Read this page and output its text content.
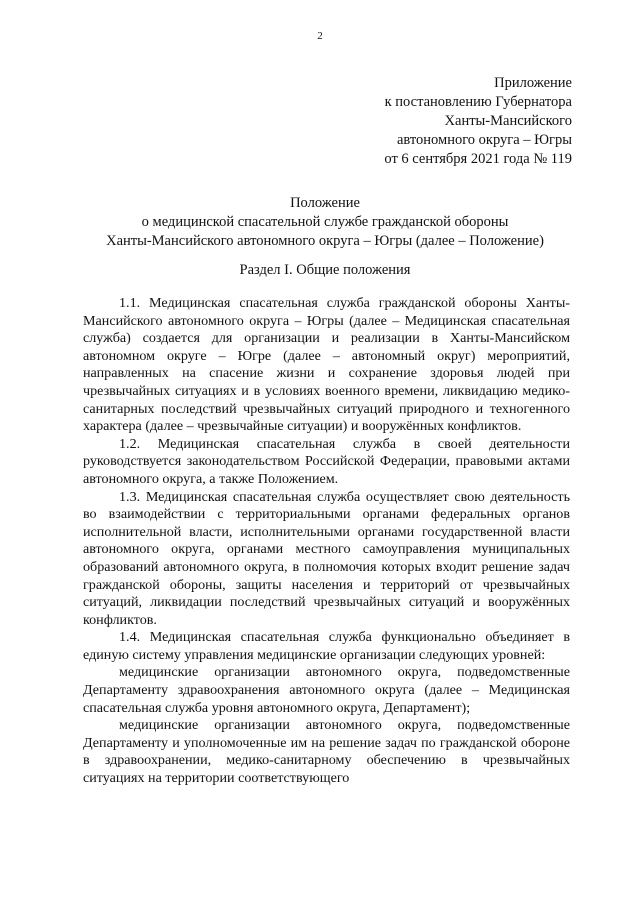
2
Приложение
к постановлению Губернатора
Ханты-Мансийского
автономного округа – Югры
от 6 сентября 2021 года № 119
Положение
о медицинской спасательной службе гражданской обороны
Ханты-Мансийского автономного округа – Югры (далее – Положение)
Раздел I. Общие положения

1.1. Медицинская спасательная служба гражданской обороны Ханты-Мансийского автономного округа – Югры (далее – Медицинская спасательная служба) создается для организации и реализации в Ханты-Мансийском автономном округе – Югре (далее – автономный округ) мероприятий, направленных на спасение жизни и сохранение здоровья людей при чрезвычайных ситуациях и в условиях военного времени, ликвидацию медико-санитарных последствий чрезвычайных ситуаций природного и техногенного характера (далее – чрезвычайные ситуации) и вооружённых конфликтов.

1.2. Медицинская спасательная служба в своей деятельности руководствуется законодательством Российской Федерации, правовыми актами автономного округа, а также Положением.

1.3. Медицинская спасательная служба осуществляет свою деятельность во взаимодействии с территориальными органами федеральных органов исполнительной власти, исполнительными органами государственной власти автономного округа, органами местного самоуправления муниципальных образований автономного округа, в полномочия которых входит решение задач гражданской обороны, защиты населения и территорий от чрезвычайных ситуаций, ликвидации последствий чрезвычайных ситуаций и вооружённых конфликтов.

1.4. Медицинская спасательная служба функционально объединяет в единую систему управления медицинские организации следующих уровней:

медицинские организации автономного округа, подведомственные Департаменту здравоохранения автономного округа (далее – Медицинская спасательная служба уровня автономного округа, Департамент);

медицинские организации автономного округа, подведомственные Департаменту и уполномоченные им на решение задач по гражданской обороне в здравоохранении, медико-санитарному обеспечению в чрезвычайных ситуациях на территории соответствующего
